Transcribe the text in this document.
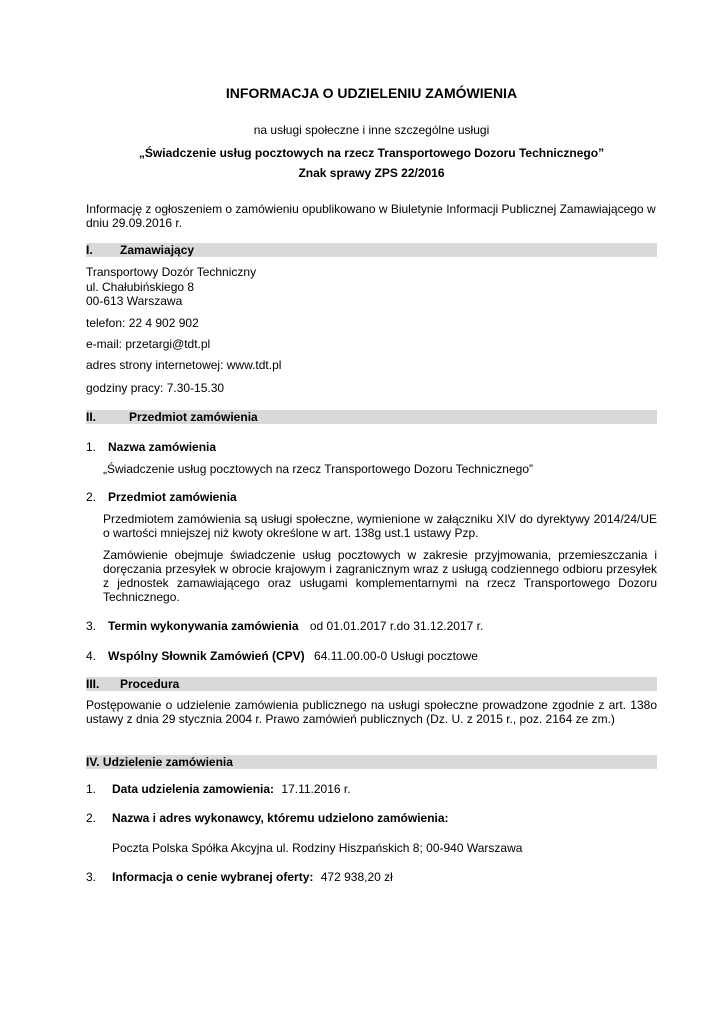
INFORMACJA O UDZIELENIU ZAMÓWIENIA
na usługi społeczne i inne szczególne usługi
„Świadczenie usług pocztowych na rzecz Transportowego Dozoru Technicznego”
Znak sprawy ZPS 22/2016
Informację z ogłoszeniem o zamówieniu opublikowano w Biuletynie Informacji Publicznej Zamawiającego w dniu 29.09.2016 r.
I. Zamawiający
Transportowy Dozór Techniczny
ul. Chałubińskiego 8
00-613 Warszawa
telefon: 22 4 902 902
e-mail: przetargi@tdt.pl
adres strony internetowej: www.tdt.pl
godziny pracy: 7.30-15.30
II.	Przedmiot zamówienia
1. Nazwa zamówienia
„Świadczenie usług pocztowych na rzecz Transportowego Dozoru Technicznego”
2. Przedmiot zamówienia
Przedmiotem zamówienia są usługi społeczne, wymienione w załączniku XIV do dyrektywy 2014/24/UE o wartości mniejszej niż kwoty określone w art. 138g ust.1 ustawy Pzp.
Zamówienie obejmuje świadczenie usług pocztowych w zakresie przyjmowania, przemieszczania i doręczania przesyłek w obrocie krajowym i zagranicznym wraz z usługą codziennego odbioru przesyłek z jednostek zamawiającego oraz usługami komplementarnymi na rzecz Transportowego Dozoru Technicznego.
3. Termin wykonywania zamówienia od 01.01.2017 r.do 31.12.2017 r.
4. Wspólny Słownik Zamówień (CPV) 64.11.00.00-0 Usługi pocztowe
III. Procedura
Postępowanie o udzielenie zamówienia publicznego na usługi społeczne prowadzone zgodnie z art. 138o ustawy z dnia 29 stycznia 2004 r. Prawo zamówień publicznych (Dz. U. z 2015 r., poz. 2164 ze zm.)
IV. Udzielenie zamówienia
1. Data udzielenia zamowienia: 17.11.2016 r.
2. Nazwa i adres wykonawcy, któremu udzielono zamówienia:
Poczta Polska Spółka Akcyjna ul. Rodziny Hiszpańskich 8; 00-940 Warszawa
3. Informacja o cenie wybranej oferty: 472 938,20 zł
